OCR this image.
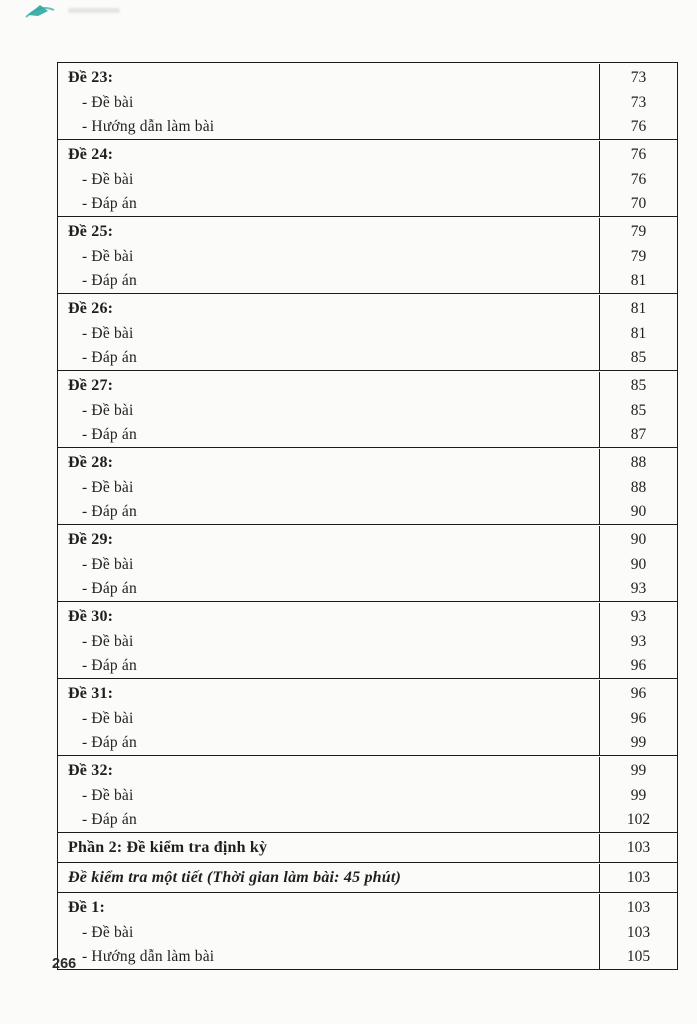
Đề 23:	73
- Đề bài	73
- Hướng dẫn làm bài	76
Đề 24:	76
- Đề bài	76
- Đáp án	70
Đề 25:	79
- Đề bài	79
- Đáp án	81
Đề 26:	81
- Đề bài	81
- Đáp án	85
Đề 27:	85
- Đề bài	85
- Đáp án	87
Đề 28:	88
- Đề bài	88
- Đáp án	90
Đề 29:	90
- Đề bài	90
- Đáp án	93
Đề 30:	93
- Đề bài	93
- Đáp án	96
Đề 31:	96
- Đề bài	96
- Đáp án	99
Đề 32:	99
- Đề bài	99
- Đáp án	102
Phần 2: Đề kiểm tra định kỳ	103
Đề kiểm tra một tiết (Thời gian làm bài: 45 phút)	103
Đề 1:	103
- Đề bài	103
- Hướng dẫn làm bài	105
266
